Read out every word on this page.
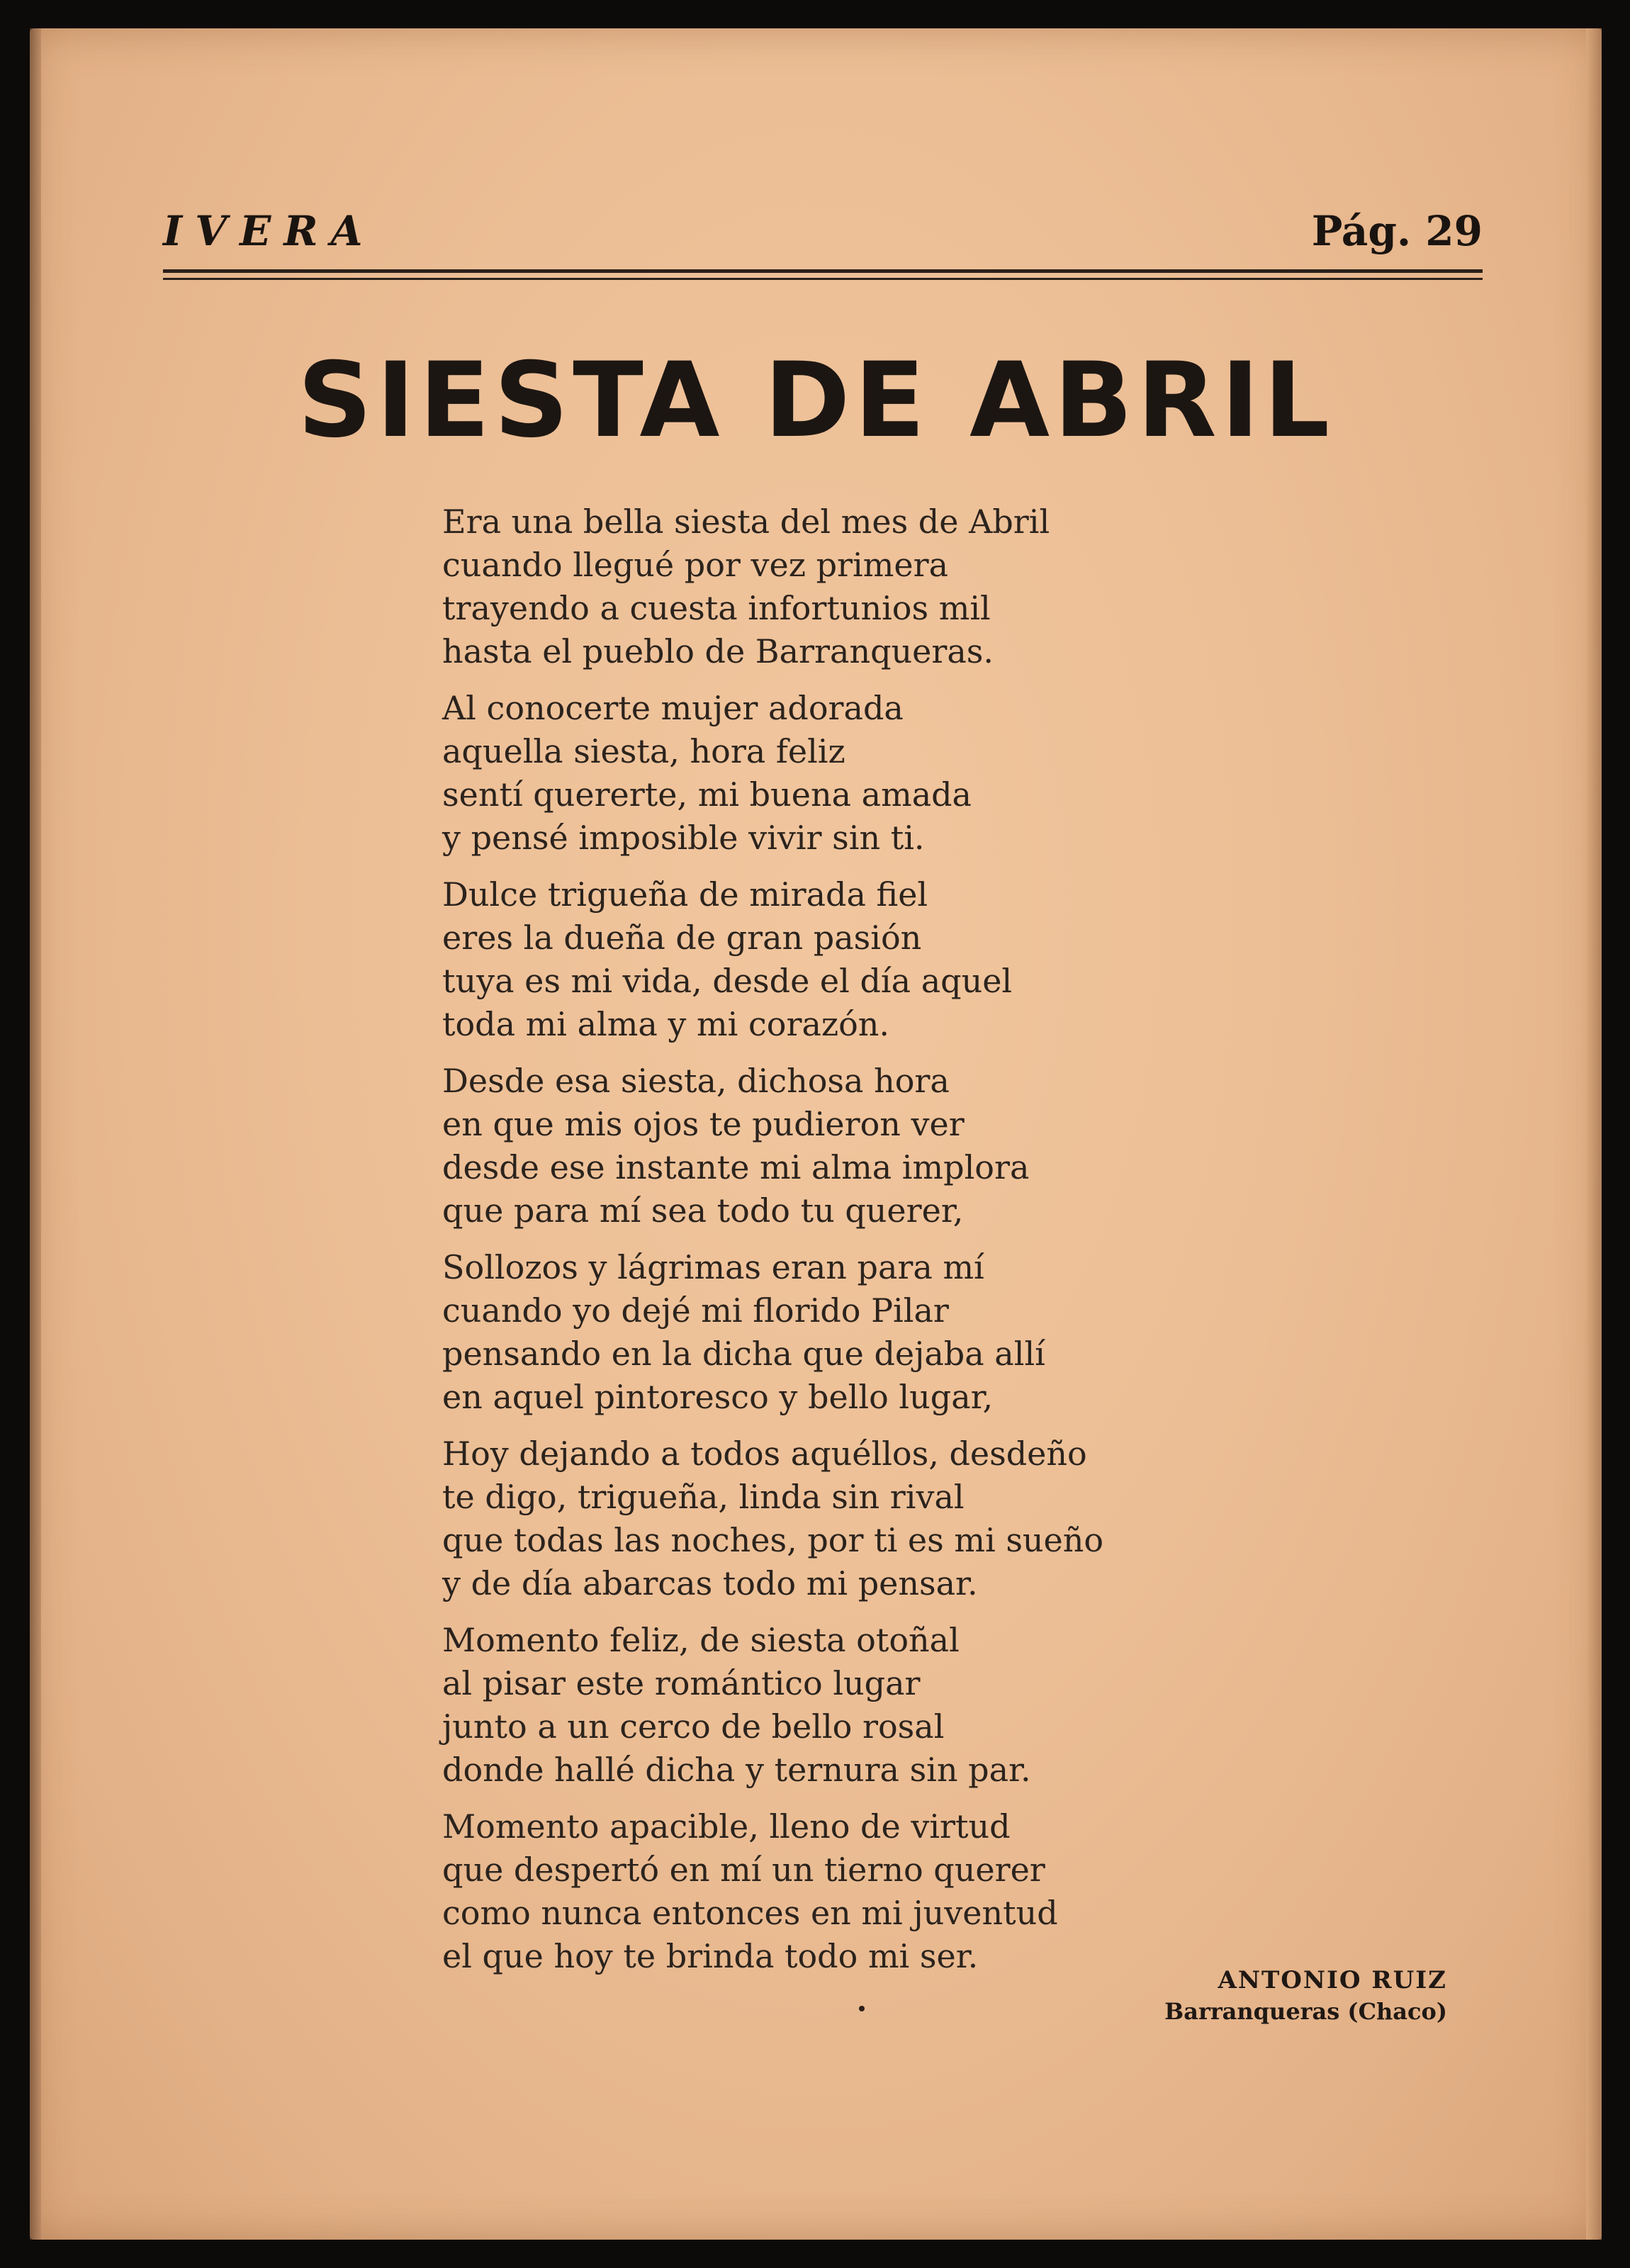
IVERA	Pág. 29
SIESTA DE ABRIL
Era una bella siesta del mes de Abril
cuando llegué por vez primera
trayendo a cuesta infortunios mil
hasta el pueblo de Barranqueras.
Al conocerte mujer adorada
aquella siesta, hora feliz
sentí quererte, mi buena amada
y pensé imposible vivir sin ti.
Dulce trigueña de mirada fiel
eres la dueña de gran pasión
tuya es mi vida, desde el día aquel
toda mi alma y mi corazón.
Desde esa siesta, dichosa hora
en que mis ojos te pudieron ver
desde ese instante mi alma implora
que para mí sea todo tu querer,
Sollozos y lágrimas eran para mí
cuando yo dejé mi florido Pilar
pensando en la dicha que dejaba allí
en aquel pintoresco y bello lugar,
Hoy dejando a todos aquéllos, desdeño
te digo, trigueña, linda sin rival
que todas las noches, por ti es mi sueño
y de día abarcas todo mi pensar.
Momento feliz, de siesta otoñal
al pisar este romántico lugar
junto a un cerco de bello rosal
donde hallé dicha y ternura sin par.
Momento apacible, lleno de virtud
que despertó en mí un tierno querer
como nunca entonces en mi juventud
el que hoy te brinda todo mi ser.
ANTONIO RUIZ
Barranqueras (Chaco)
